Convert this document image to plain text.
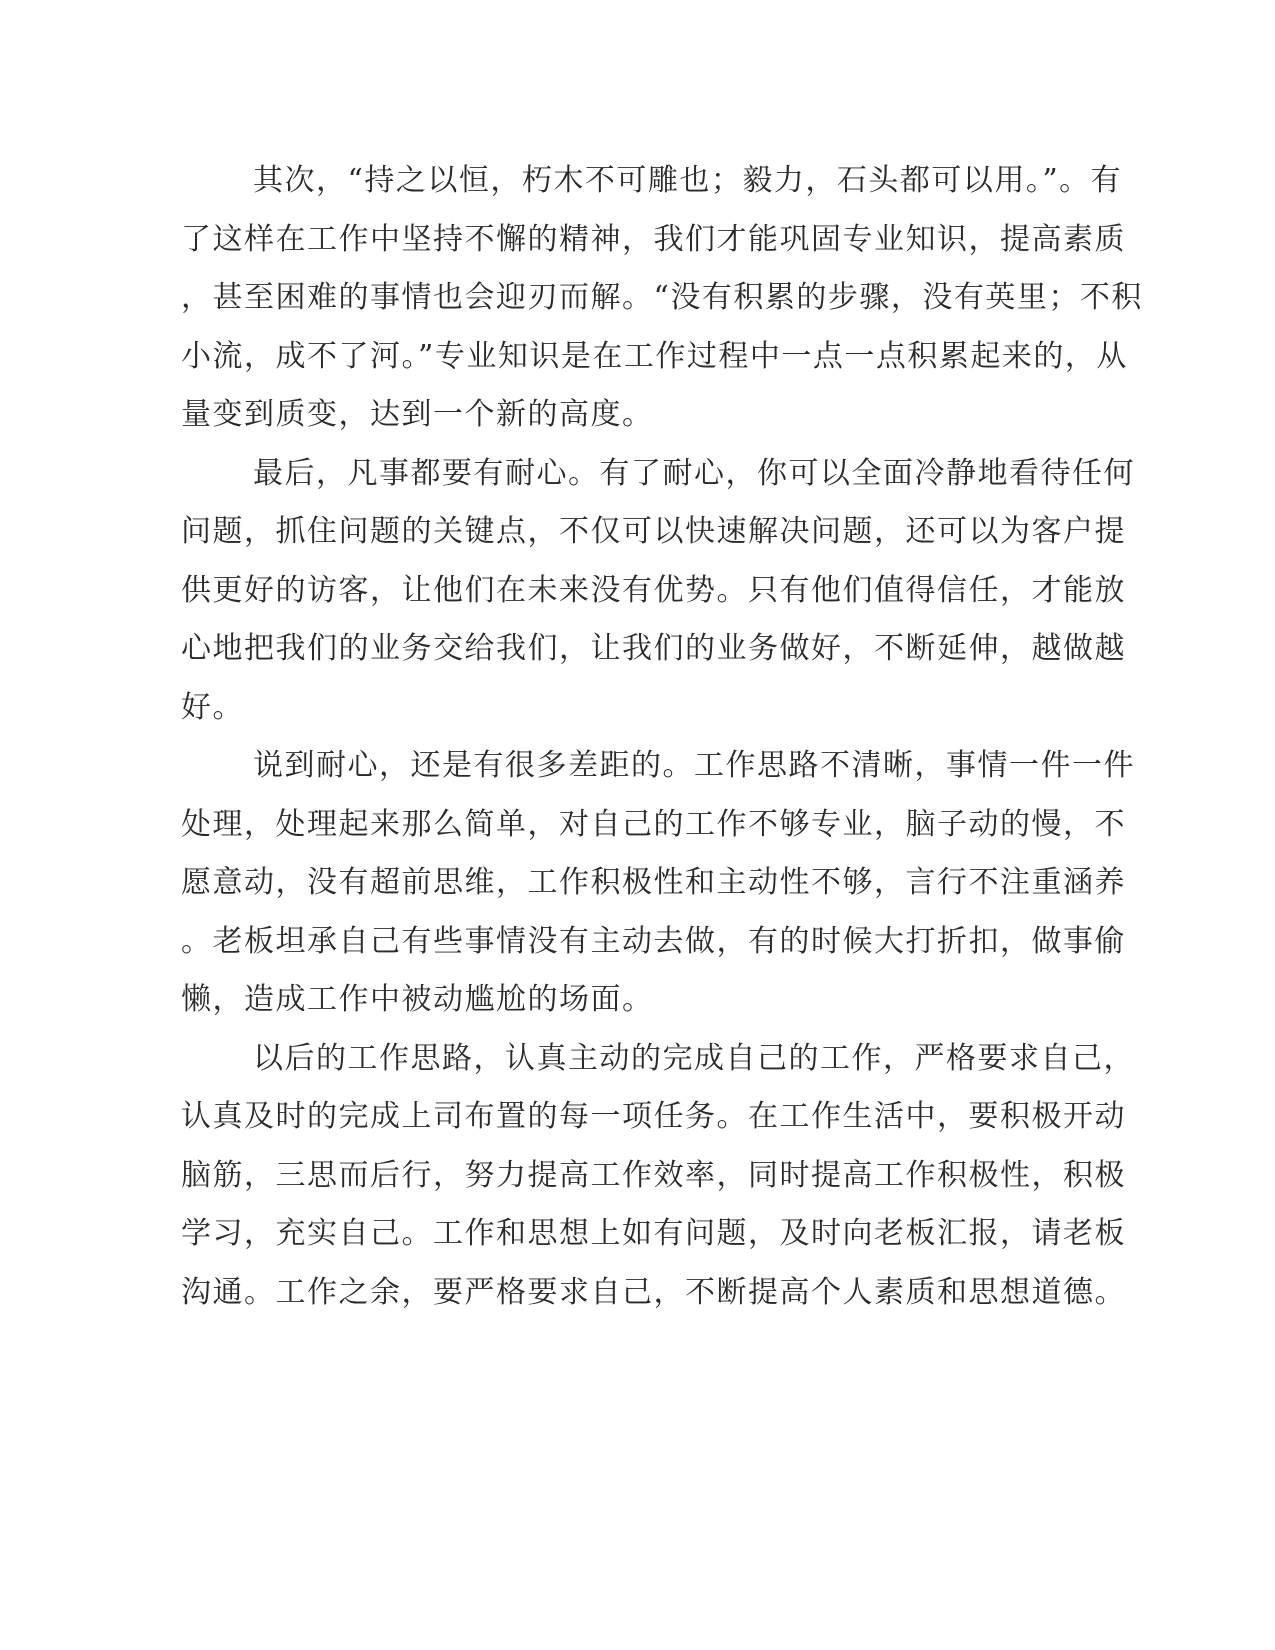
其次，“持之以恒，朽木不可雕也；毅力，石头都可以用。”。有
了这样在工作中坚持不懈的精神，我们才能巩固专业知识，提高素质
，甚至困难的事情也会迎刃而解。“没有积累的步骤，没有英里；不积
小流，成不了河。”专业知识是在工作过程中一点一点积累起来的，从
量变到质变，达到一个新的高度。
最后，凡事都要有耐心。有了耐心，你可以全面冷静地看待任何
问题，抓住问题的关键点，不仅可以快速解决问题，还可以为客户提
供更好的访客，让他们在未来没有优势。只有他们值得信任，才能放
心地把我们的业务交给我们，让我们的业务做好，不断延伸，越做越
好。
说到耐心，还是有很多差距的。工作思路不清晰，事情一件一件
处理，处理起来那么简单，对自己的工作不够专业，脑子动的慢，不
愿意动，没有超前思维，工作积极性和主动性不够，言行不注重涵养
。老板坦承自己有些事情没有主动去做，有的时候大打折扣，做事偷
懒，造成工作中被动尴尬的场面。
以后的工作思路，认真主动的完成自己的工作，严格要求自己，
认真及时的完成上司布置的每一项任务。在工作生活中，要积极开动
脑筋，三思而后行，努力提高工作效率，同时提高工作积极性，积极
学习，充实自己。工作和思想上如有问题，及时向老板汇报，请老板
沟通。工作之余，要严格要求自己，不断提高个人素质和思想道德。
